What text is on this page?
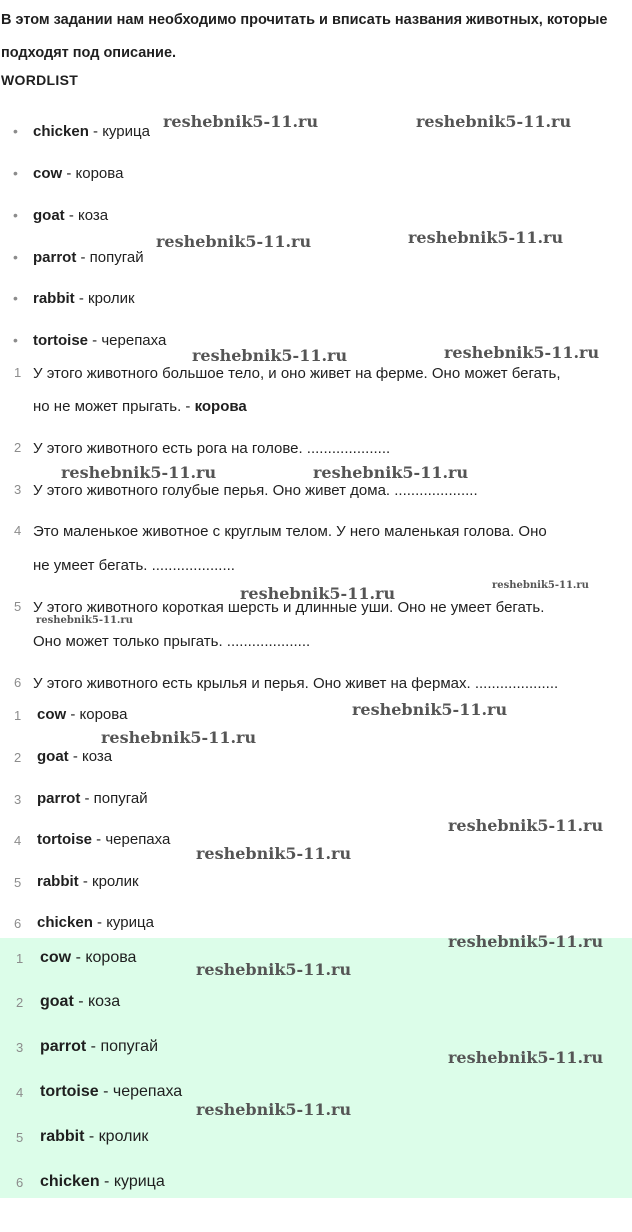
В этом задании нам необходимо прочитать и вписать названия животных, которые подходят под описание.
WORDLIST
• chicken - курица
• cow - корова
• goat - коза
• parrot - попугай
• rabbit - кролик
• tortoise - черепаха
1 У этого животного большое тело, и оно живет на ферме. Оно может бегать,
но не может прыгать. - корова
2 У этого животного есть рога на голове. ....................
3 У этого животного голубые перья. Оно живет дома. ....................
4 Это маленькое животное с круглым телом. У него маленькая голова. Оно
не умеет бегать. ....................
5 У этого животного короткая шерсть и длинные уши. Оно не умеет бегать.
Оно может только прыгать. ....................
6 У этого животного есть крылья и перья. Оно живет на фермах. ....................
1 cow - корова
2 goat - коза
3 parrot - попугай
4 tortoise - черепаха
5 rabbit - кролик
6 chicken - курица
1 cow - корова
2 goat - коза
3 parrot - попугай
4 tortoise - черепаха
5 rabbit - кролик
6 chicken - курица
reshebnik5-11.ru	reshebnik5-11.ru
reshebnik5-11.ru	reshebnik5-11.ru
reshebnik5-11.ru	reshebnik5-11.ru
reshebnik5-11.ru	reshebnik5-11.ru
reshebnik5-11.ru	reshebnik5-11.ru
reshebnik5-11.ru
reshebnik5-11.ru
reshebnik5-11.ru
reshebnik5-11.ru
reshebnik5-11.ru
reshebnik5-11.ru
reshebnik5-11.ru
reshebnik5-11.ru
reshebnik5-11.ru
